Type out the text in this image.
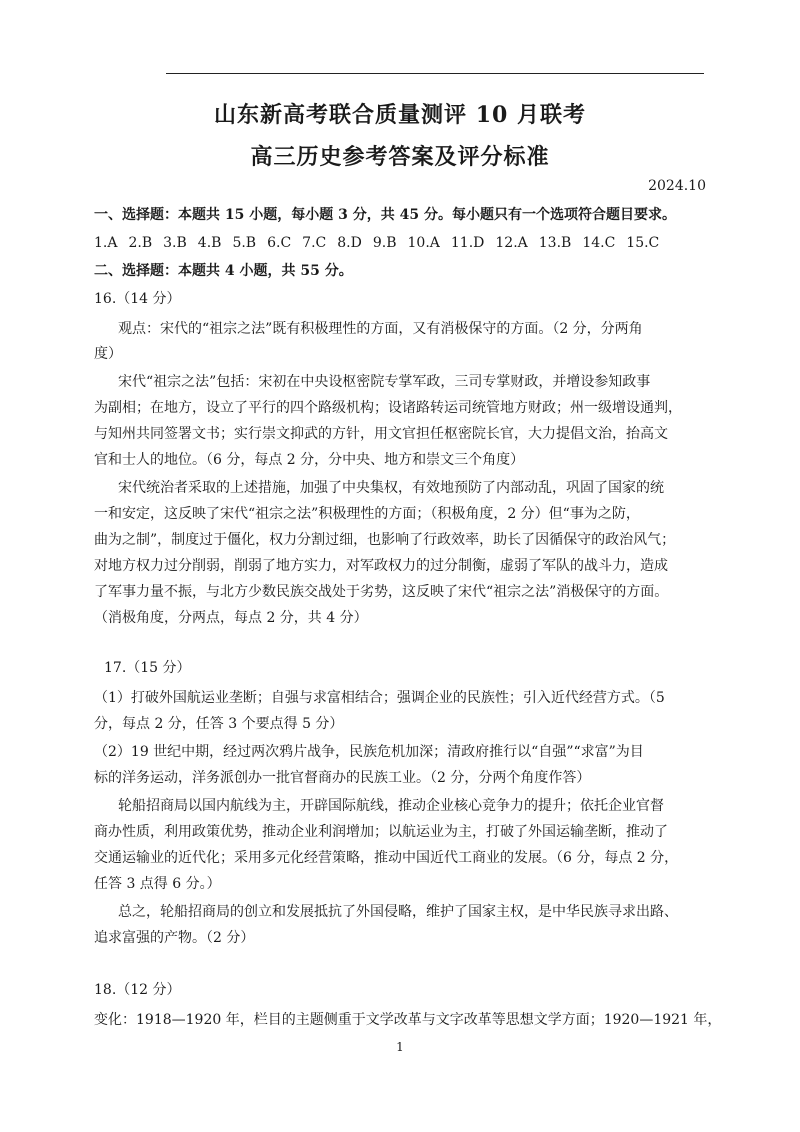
山东新高考联合质量测评 10 月联考
高三历史参考答案及评分标准
2024.10
一、选择题：本题共 15 小题，每小题 3 分，共 45 分。每小题只有一个选项符合题目要求。
1.A 2.B 3.B 4.B 5.B 6.C 7.C 8.D 9.B 10.A 11.D 12.A 13.B 14.C 15.C
二、选择题：本题共 4 小题，共 55 分。
16.（14 分）
观点：宋代的“祖宗之法”既有积极理性的方面，又有消极保守的方面。（2 分，分两角
度）
宋代“祖宗之法”包括：宋初在中央设枢密院专掌军政，三司专掌财政，并增设参知政事
为副相；在地方，设立了平行的四个路级机构；设诸路转运司统管地方财政；州一级增设通判，
与知州共同签署文书；实行崇文抑武的方针，用文官担任枢密院长官，大力提倡文治，抬高文
官和士人的地位。（6 分，每点 2 分，分中央、地方和崇文三个角度）
宋代统治者采取的上述措施，加强了中央集权，有效地预防了内部动乱，巩固了国家的统
一和安定，这反映了宋代“祖宗之法”积极理性的方面；（积极角度，2 分）但“事为之防，
曲为之制”，制度过于僵化，权力分割过细，也影响了行政效率，助长了因循保守的政治风气；
对地方权力过分削弱，削弱了地方实力，对军政权力的过分制衡，虚弱了军队的战斗力，造成
了军事力量不振，与北方少数民族交战处于劣势，这反映了宋代“祖宗之法”消极保守的方面。
（消极角度，分两点，每点 2 分，共 4 分）
17.（15 分）
（1）打破外国航运业垄断；自强与求富相结合；强调企业的民族性；引入近代经营方式。（5
分，每点 2 分，任答 3 个要点得 5 分）
（2）19 世纪中期，经过两次鸦片战争，民族危机加深；清政府推行以“自强”“求富”为目
标的洋务运动，洋务派创办一批官督商办的民族工业。（2 分，分两个角度作答）
轮船招商局以国内航线为主，开辟国际航线，推动企业核心竞争力的提升；依托企业官督
商办性质，利用政策优势，推动企业利润增加；以航运业为主，打破了外国运输垄断，推动了
交通运输业的近代化；采用多元化经营策略，推动中国近代工商业的发展。（6 分，每点 2 分，
任答 3 点得 6 分。）
总之，轮船招商局的创立和发展抵抗了外国侵略，维护了国家主权，是中华民族寻求出路、
追求富强的产物。（2 分）
18.（12 分）
变化：1918—1920 年，栏目的主题侧重于文学改革与文字改革等思想文学方面；1920—1921 年，
1
